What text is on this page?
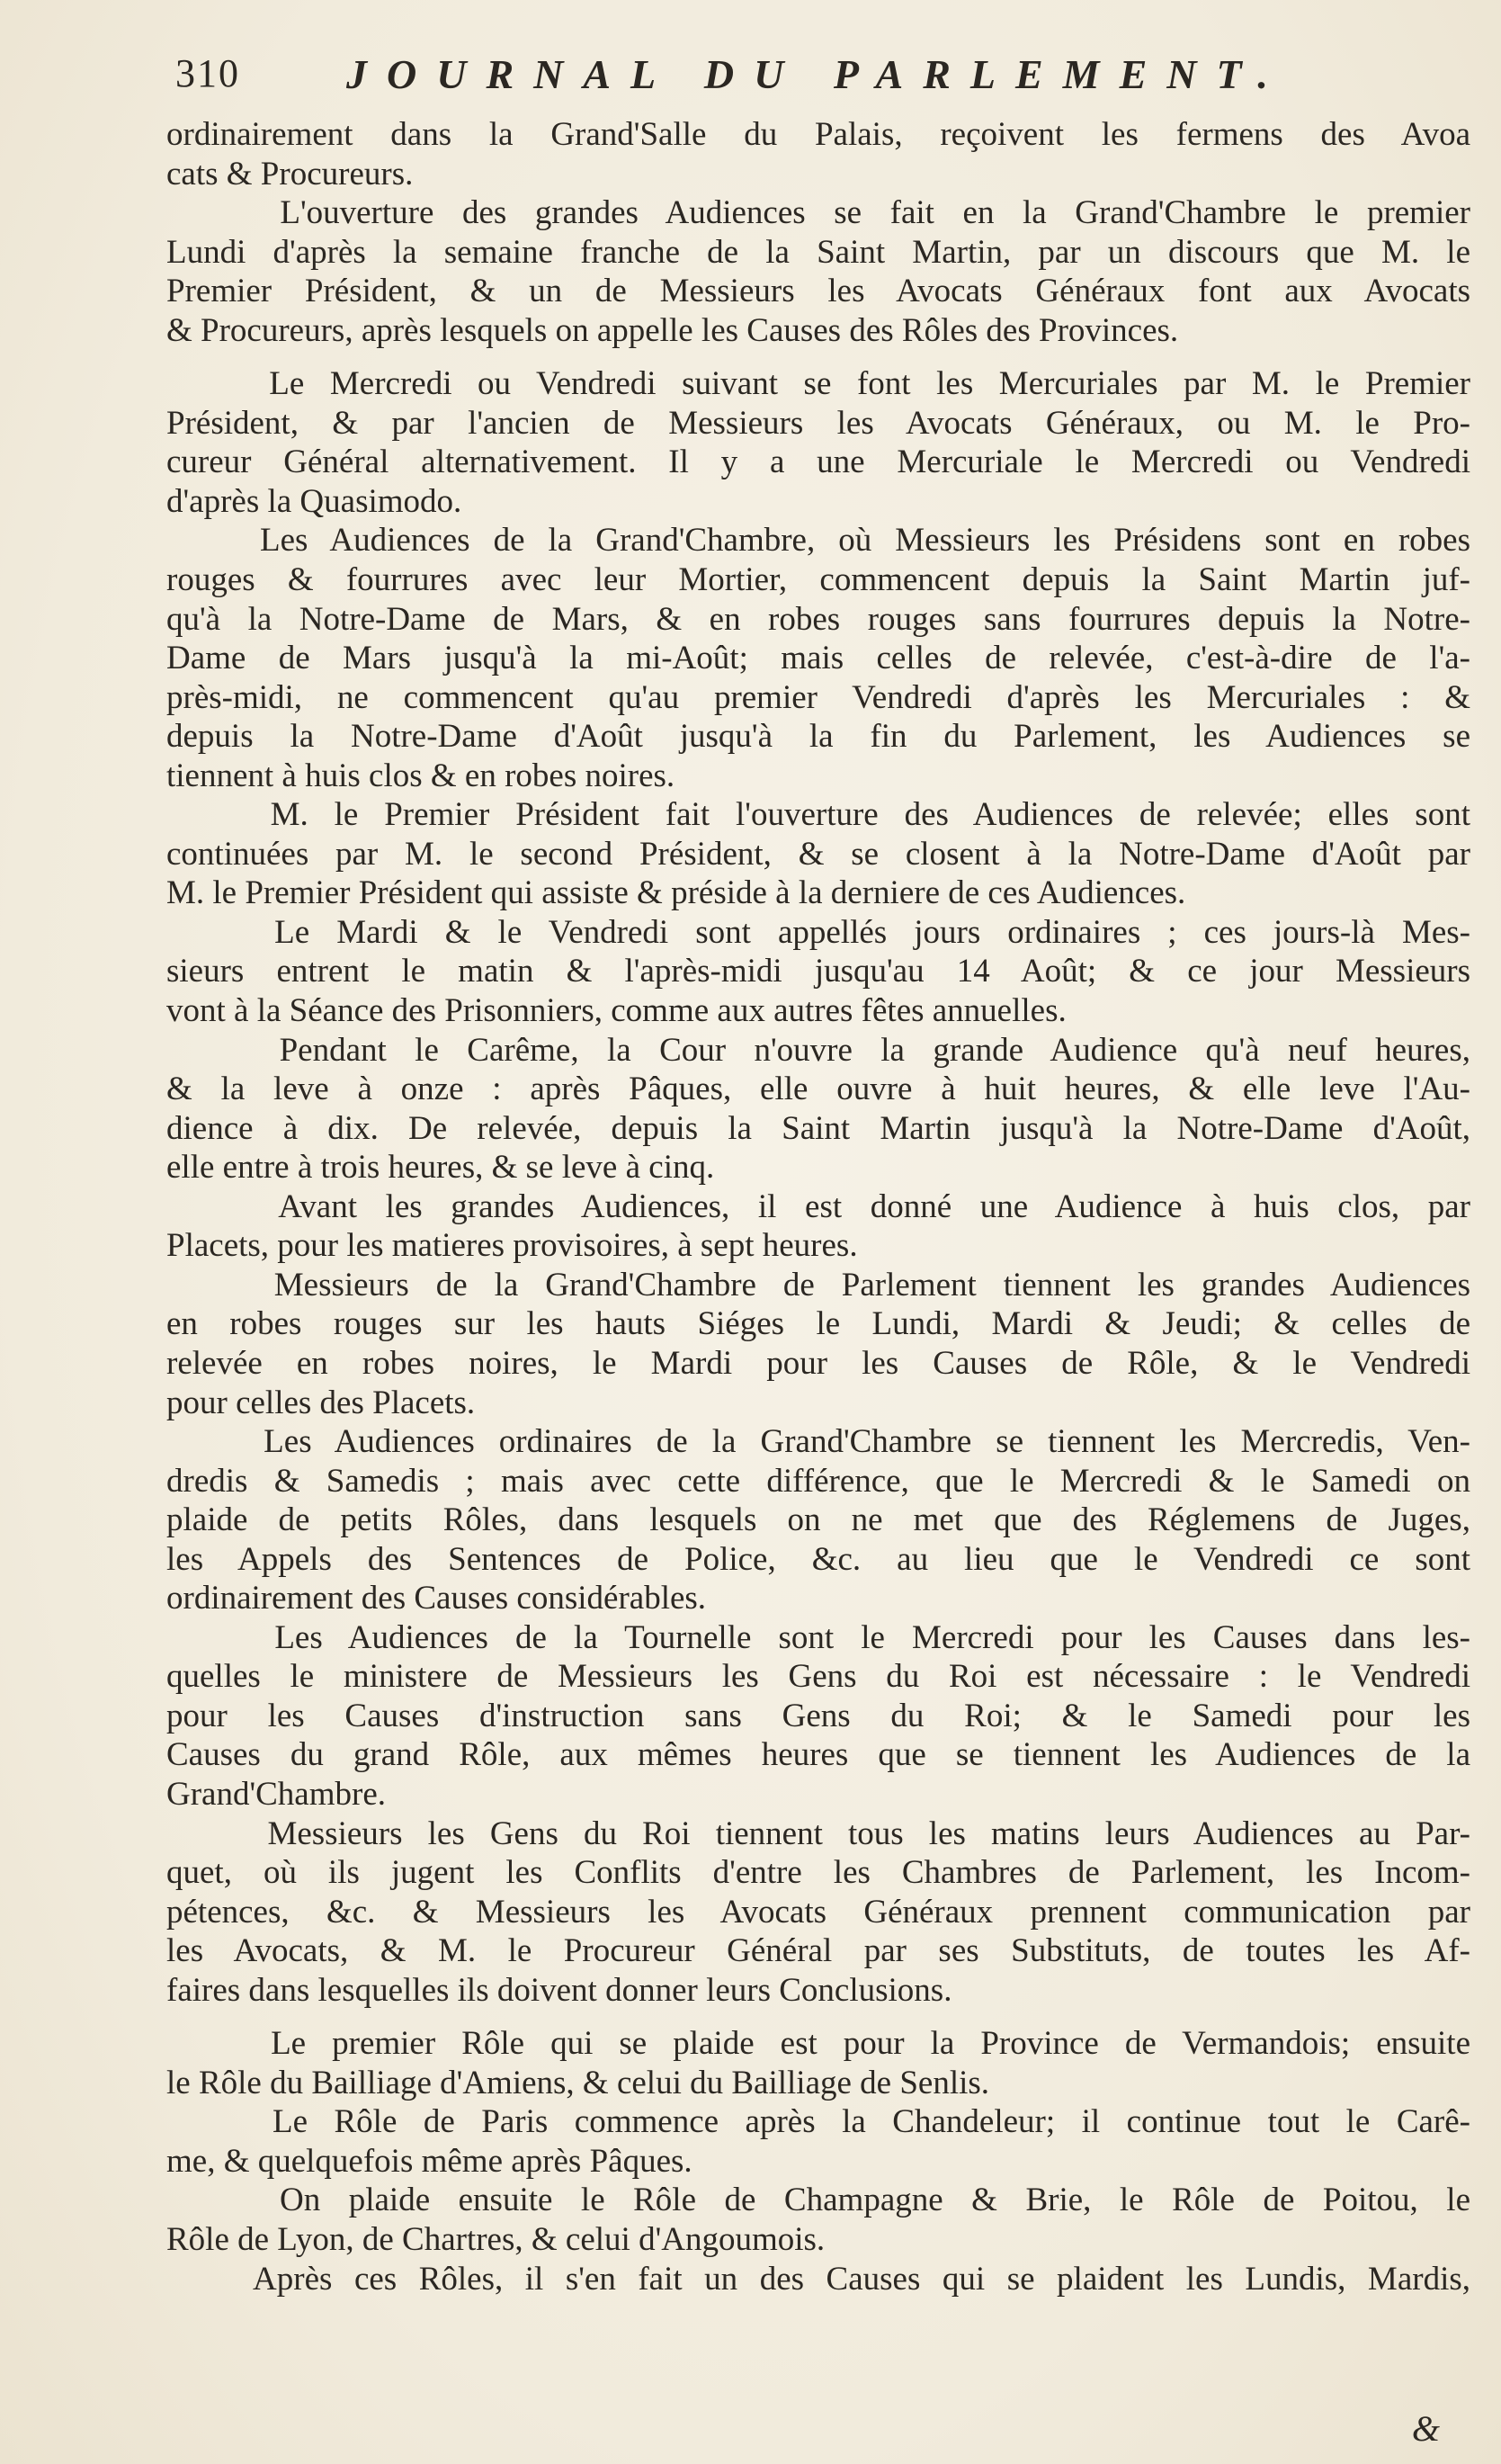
310	JOURNAL DU PARLEMENT.
ordinairement dans la Grand'Salle du Palais, reçoivent les fermens des Avoa
cats & Procureurs.
L'ouverture des grandes Audiences se fait en la Grand'Chambre le premier
Lundi d'après la semaine franche de la Saint Martin, par un discours que M. le
Premier Président, & un de Messieurs les Avocats Généraux font aux Avocats
& Procureurs, après lesquels on appelle les Causes des Rôles des Provinces.
Le Mercredi ou Vendredi suivant se font les Mercuriales par M. le Premier
Président, & par l'ancien de Messieurs les Avocats Généraux, ou M. le Pro-
cureur Général alternativement. Il y a une Mercuriale le Mercredi ou Vendredi
d'après la Quasimodo.
Les Audiences de la Grand'Chambre, où Messieurs les Présidens sont en robes
rouges & fourrures avec leur Mortier, commencent depuis la Saint Martin juf-
qu'à la Notre-Dame de Mars, & en robes rouges sans fourrures depuis la Notre-
Dame de Mars jusqu'à la mi-Août; mais celles de relevée, c'est-à-dire de l'a-
près-midi, ne commencent qu'au premier Vendredi d'après les Mercuriales : &
depuis la Notre-Dame d'Août jusqu'à la fin du Parlement, les Audiences se
tiennent à huis clos & en robes noires.
M. le Premier Président fait l'ouverture des Audiences de relevée; elles sont
continuées par M. le second Président, & se closent à la Notre-Dame d'Août par
M. le Premier Président qui assiste & préside à la derniere de ces Audiences.
Le Mardi & le Vendredi sont appellés jours ordinaires ; ces jours-là Mes-
sieurs entrent le matin & l'après-midi jusqu'au 14 Août; & ce jour Messieurs
vont à la Séance des Prisonniers, comme aux autres fêtes annuelles.
Pendant le Carême, la Cour n'ouvre la grande Audience qu'à neuf heures,
& la leve à onze : après Pâques, elle ouvre à huit heures, & elle leve l'Au-
dience à dix. De relevée, depuis la Saint Martin jusqu'à la Notre-Dame d'Août,
elle entre à trois heures, & se leve à cinq.
Avant les grandes Audiences, il est donné une Audience à huis clos, par
Placets, pour les matieres provisoires, à sept heures.
Messieurs de la Grand'Chambre de Parlement tiennent les grandes Audiences
en robes rouges sur les hauts Siéges le Lundi, Mardi & Jeudi; & celles de
relevée en robes noires, le Mardi pour les Causes de Rôle, & le Vendredi
pour celles des Placets.
Les Audiences ordinaires de la Grand'Chambre se tiennent les Mercredis, Ven-
dredis & Samedis ; mais avec cette différence, que le Mercredi & le Samedi on
plaide de petits Rôles, dans lesquels on ne met que des Réglemens de Juges,
les Appels des Sentences de Police, &c. au lieu que le Vendredi ce sont
ordinairement des Causes considérables.
Les Audiences de la Tournelle sont le Mercredi pour les Causes dans les-
quelles le ministere de Messieurs les Gens du Roi est nécessaire : le Vendredi
pour les Causes d'instruction sans Gens du Roi; & le Samedi pour les
Causes du grand Rôle, aux mêmes heures que se tiennent les Audiences de la
Grand'Chambre.
Messieurs les Gens du Roi tiennent tous les matins leurs Audiences au Par-
quet, où ils jugent les Conflits d'entre les Chambres de Parlement, les Incom-
pétences, &c. & Messieurs les Avocats Généraux prennent communication par
les Avocats, & M. le Procureur Général par ses Substituts, de toutes les Af-
faires dans lesquelles ils doivent donner leurs Conclusions.
Le premier Rôle qui se plaide est pour la Province de Vermandois; ensuite
le Rôle du Bailliage d'Amiens, & celui du Bailliage de Senlis.
Le Rôle de Paris commence après la Chandeleur; il continue tout le Carê-
me, & quelquefois même après Pâques.
On plaide ensuite le Rôle de Champagne & Brie, le Rôle de Poitou, le
Rôle de Lyon, de Chartres, & celui d'Angoumois.
Après ces Rôles, il s'en fait un des Causes qui se plaident les Lundis, Mardis,
&
